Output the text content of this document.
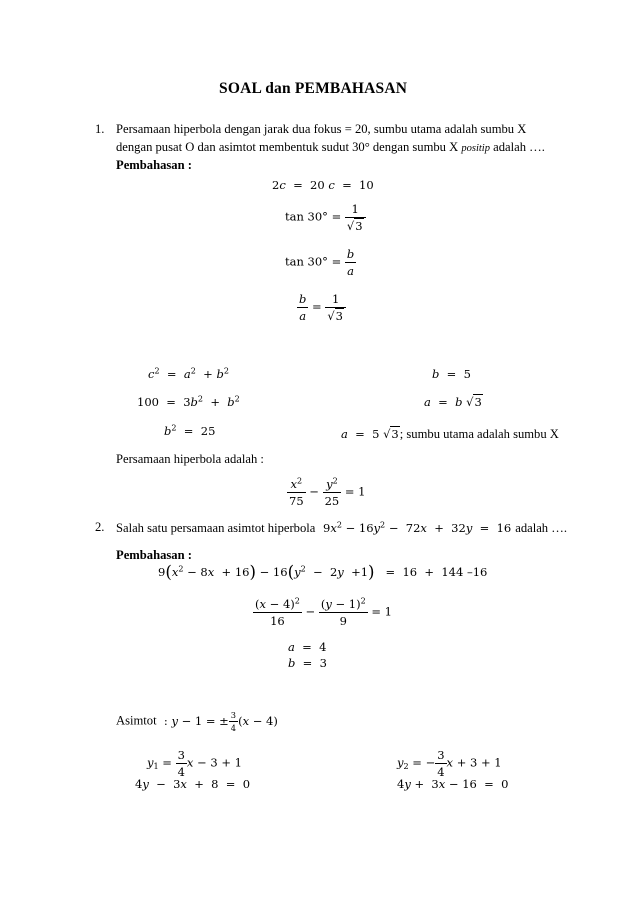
SOAL dan PEMBAHASAN
1. Persamaan hiperbola dengan jarak dua fokus = 20, sumbu utama adalah sumbu X
dengan pusat O dan asimtot membentuk sudut 30° dengan sumbu X positip adalah ….
Pembahasan :
2c  =  20 c  =  10
$\tan 30^\circ = \frac{1}{√3}$
$\tan 30^\circ = \frac{b}{a}$
$\frac{b}{a} = \frac{1}{√3}$
$c^2 = a^2 + b^2$
$100 = 3b^2 + b^2$
$b^2 = 25$
b  =  5
a  =  b √3
a  =  5 √3; sumbu utama adalah sumbu X
Persamaan hiperbola adalah :
$\frac{x^2}{75} - \frac{y^2}{25} = 1$
2. Salah satu persamaan asimtot hiperbola  $9x^2 - 16y^2 - 72x + 32y = 16$ adalah ….
Pembahasan :
$9(x^2 - 8x + 16) - 16(y^2 - 2y +1) = 16 + 144$ –16
$\frac{(x - 4)^2}{16} - \frac{(y - 1)^2}{9} = 1$
a  =  4
b  =  3
Asimtot  : y − 1 = ± $\frac{3}{4} (x - 4)$
$y_1 = \frac{3}{4}$ x − 3 + 1
4y  −  3x  +  8  =  0
$y_2$ = − $\frac{3}{4}$ x + 3 + 1
4y +  3x − 16  =  0
